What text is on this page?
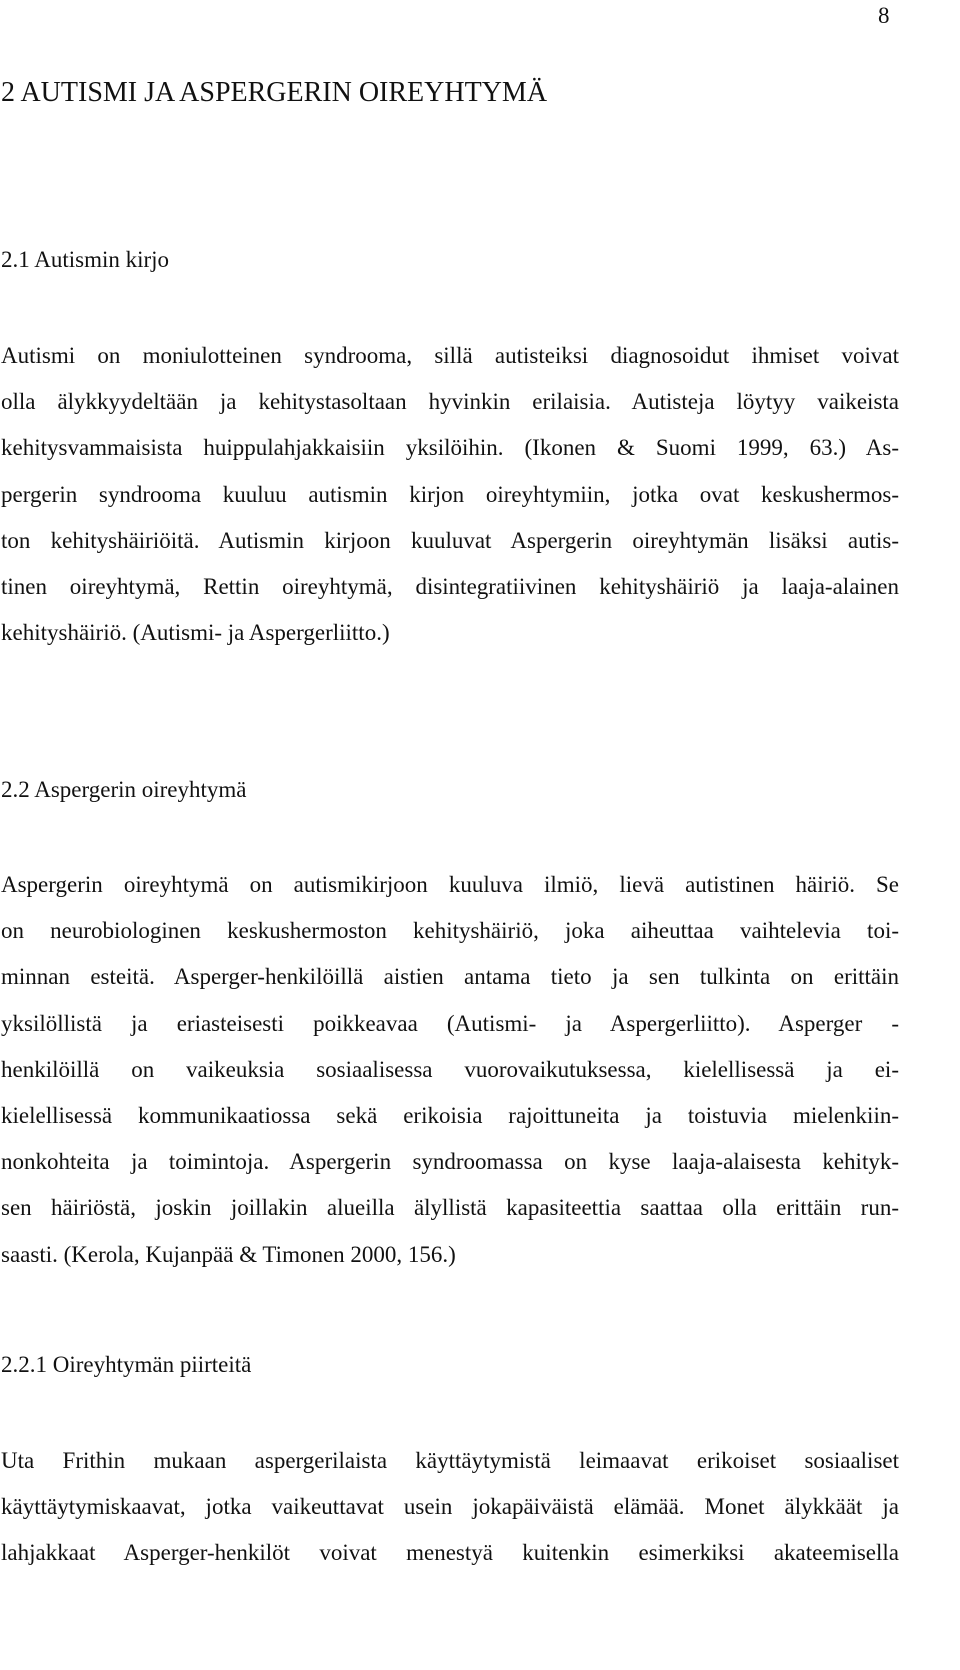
8
2 AUTISMI JA ASPERGERIN OIREYHTYMÄ
2.1 Autismin kirjo
Autismi on moniulotteinen syndrooma, sillä autisteiksi diagnosoidut ihmiset voivat
olla älykkyydeltään ja kehitystasoltaan hyvinkin erilaisia. Autisteja löytyy vaikeista
kehitysvammaisista huippulahjakkaisiin yksilöihin. (Ikonen & Suomi 1999, 63.) As-
pergerin syndrooma kuuluu autismin kirjon oireyhtymiin, jotka ovat keskushermos-
ton kehityshäiriöitä. Autismin kirjoon kuuluvat Aspergerin oireyhtymän lisäksi autis-
tinen oireyhtymä, Rettin oireyhtymä, disintegratiivinen kehityshäiriö ja laaja-alainen
kehityshäiriö. (Autismi- ja Aspergerliitto.)
2.2 Aspergerin oireyhtymä
Aspergerin oireyhtymä on autismikirjoon kuuluva ilmiö, lievä autistinen häiriö. Se
on neurobiologinen keskushermoston kehityshäiriö, joka aiheuttaa vaihtelevia toi-
minnan esteitä. Asperger-henkilöillä aistien antama tieto ja sen tulkinta on erittäin
yksilöllistä ja eriasteisesti poikkeavaa (Autismi- ja Aspergerliitto). Asperger -
henkilöillä on vaikeuksia sosiaalisessa vuorovaikutuksessa, kielellisessä ja ei-
kielellisessä kommunikaatiossa sekä erikoisia rajoittuneita ja toistuvia mielenkiin-
nonkohteita ja toimintoja. Aspergerin syndroomassa on kyse laaja-alaisesta kehityk-
sen häiriöstä, joskin joillakin alueilla älyllistä kapasiteettia saattaa olla erittäin run-
saasti. (Kerola, Kujanpää & Timonen 2000, 156.)
2.2.1 Oireyhtymän piirteitä
Uta Frithin mukaan aspergerilaista käyttäytymistä leimaavat erikoiset sosiaaliset
käyttäytymiskaavat, jotka vaikeuttavat usein jokapäiväistä elämää. Monet älykkäät ja
lahjakkaat Asperger-henkilöt voivat menestyä kuitenkin esimerkiksi akateemisella
